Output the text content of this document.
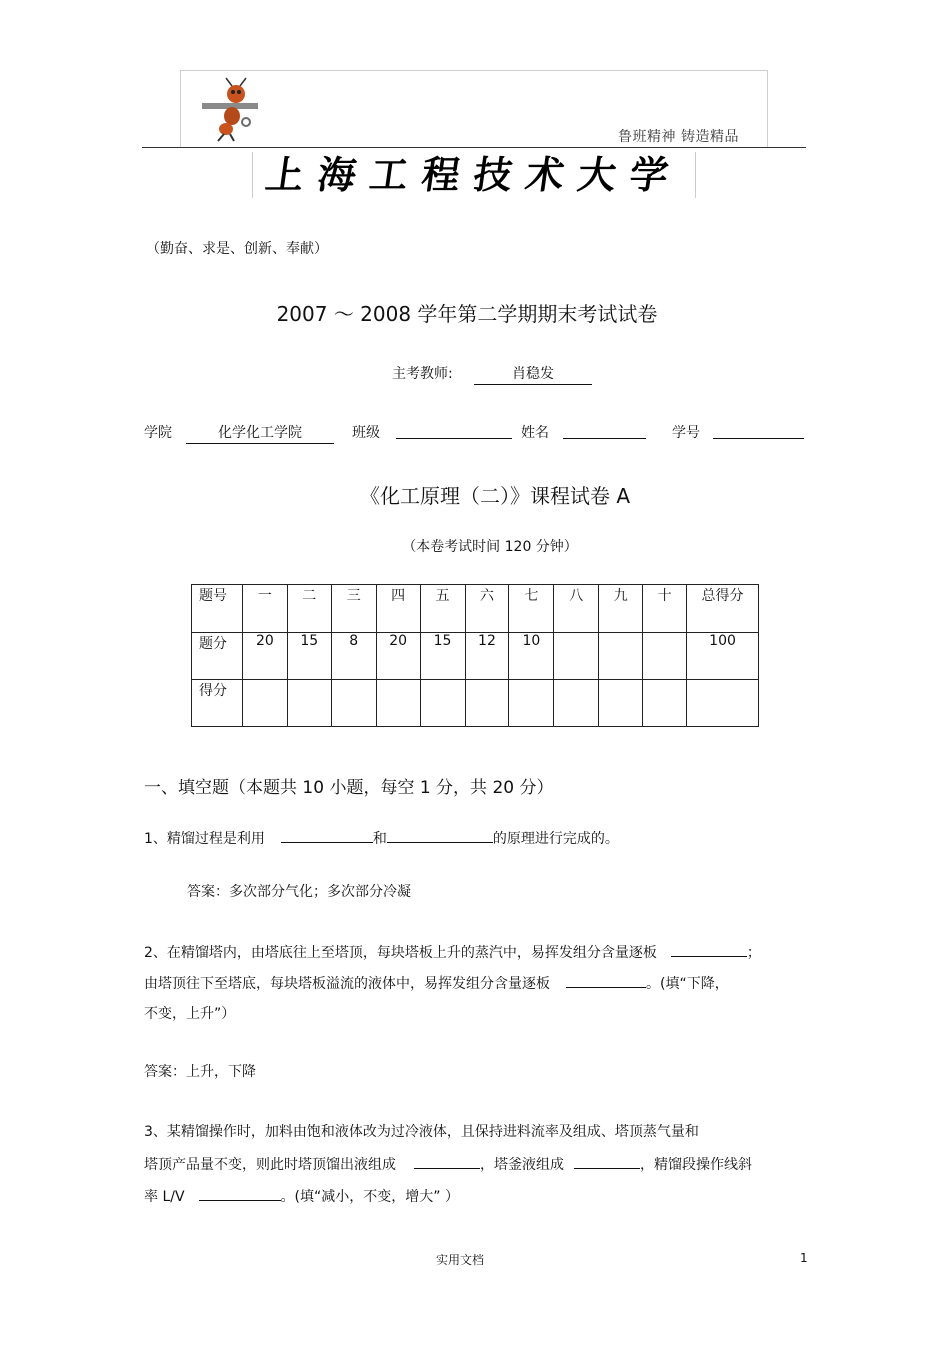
鲁班精神 铸造精品
上海工程技术大学
（勤奋、求是、创新、奉献）
2007 ～ 2008 学年第二学期期末考试试卷
主考教师:	肖稳发
学院	化学化工学院	班级	姓名	学号
《化工原理（二）》课程试卷 A
（本卷考试时间 120 分钟）
题号	一	二	三	四	五	六	七	八	九	十	总得分
题分	20	15	8	20	15	12	10				100
得分											
一、填空题（本题共 10 小题，每空 1 分，共 20 分）
1、精馏过程是利用	和	的原理进行完成的。
答案：多次部分气化；多次部分冷凝
2、在精馏塔内，由塔底往上至塔顶，每块塔板上升的蒸汽中，易挥发组分含量逐板	；
由塔顶往下至塔底，每块塔板溢流的液体中，易挥发组分含量逐板	。(填“下降，
不变，上升”）
答案：上升，下降
3、某精馏操作时，加料由饱和液体改为过冷液体，且保持进料流率及组成、塔顶蒸气量和
塔顶产品量不变，则此时塔顶馏出液组成	，塔釜液组成	，精馏段操作线斜
率 L/V	。(填“减小，不变，增大” ）
实用文档	1
